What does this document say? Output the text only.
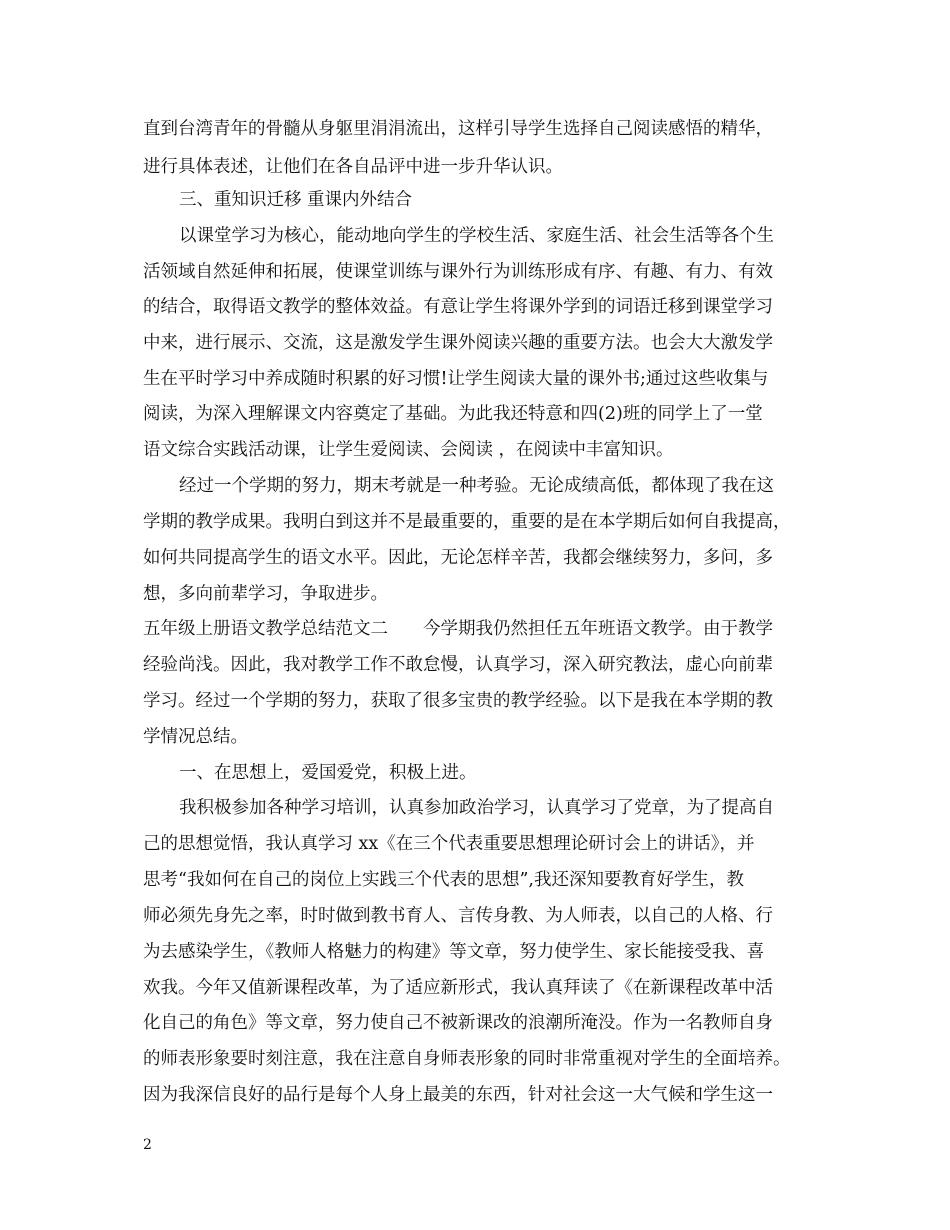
直到台湾青年的骨髓从身躯里涓涓流出，这样引导学生选择自己阅读感悟的精华，
进行具体表述，让他们在各自品评中进一步升华认识。
三、重知识迁移 重课内外结合
以课堂学习为核心，能动地向学生的学校生活、家庭生活、社会生活等各个生
活领域自然延伸和拓展，使课堂训练与课外行为训练形成有序、有趣、有力、有效
的结合，取得语文教学的整体效益。有意让学生将课外学到的词语迁移到课堂学习
中来，进行展示、交流，这是激发学生课外阅读兴趣的重要方法。也会大大激发学
生在平时学习中养成随时积累的好习惯!让学生阅读大量的课外书;通过这些收集与
阅读，为深入理解课文内容奠定了基础。为此我还特意和四(2)班的同学上了一堂
语文综合实践活动课，让学生爱阅读、会阅读 ，在阅读中丰富知识。
经过一个学期的努力，期末考就是一种考验。无论成绩高低，都体现了我在这
学期的教学成果。我明白到这并不是最重要的，重要的是在本学期后如何自我提高，
如何共同提高学生的语文水平。因此，无论怎样辛苦，我都会继续努力，多问，多
想，多向前辈学习，争取进步。
五年级上册语文教学总结范文二　　今学期我仍然担任五年班语文教学。由于教学
经验尚浅。因此，我对教学工作不敢怠慢，认真学习，深入研究教法，虚心向前辈
学习。经过一个学期的努力，获取了很多宝贵的教学经验。以下是我在本学期的教
学情况总结。
一、在思想上，爱国爱党，积极上进。
我积极参加各种学习培训，认真参加政治学习，认真学习了党章，为了提高自
己的思想觉悟，我认真学习 xx《在三个代表重要思想理论研讨会上的讲话》，并
思考“我如何在自己的岗位上实践三个代表的思想”,我还深知要教育好学生，教
师必须先身先之率，时时做到教书育人、言传身教、为人师表，以自己的人格、行
为去感染学生，《教师人格魅力的构建》等文章，努力使学生、家长能接受我、喜
欢我。今年又值新课程改革，为了适应新形式，我认真拜读了《在新课程改革中活
化自己的角色》等文章，努力使自己不被新课改的浪潮所淹没。作为一名教师自身
的师表形象要时刻注意，我在注意自身师表形象的同时非常重视对学生的全面培养。
因为我深信良好的品行是每个人身上最美的东西，针对社会这一大气候和学生这一
2
